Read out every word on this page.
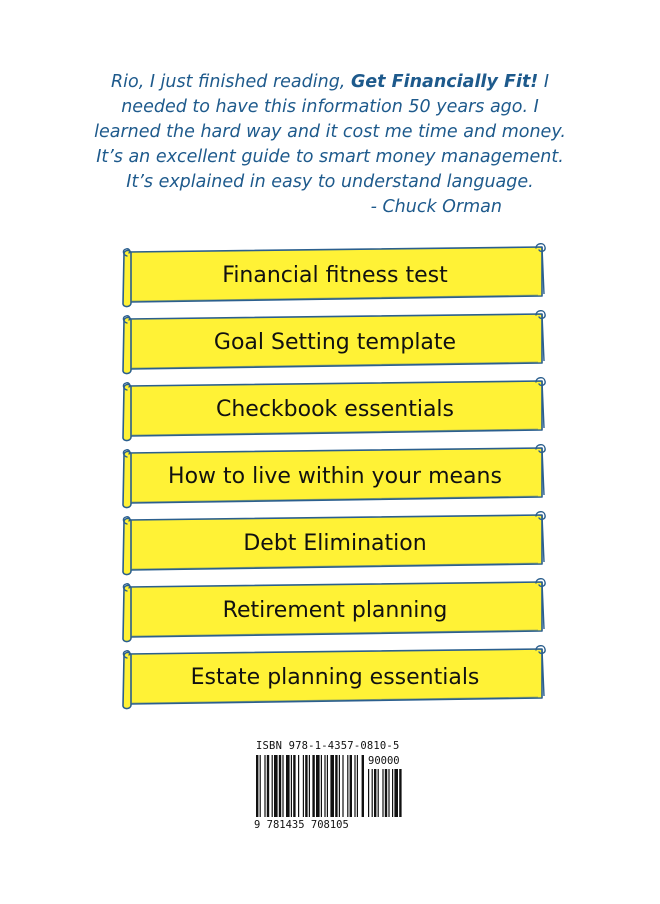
Rio, I just finished reading, Get Financially Fit! I
needed to have this information 50 years ago. I
learned the hard way and it cost me time and money.
It’s an excellent guide to smart money management.
It’s explained in easy to understand language.
- Chuck Orman
Financial fitness test
Goal Setting template
Checkbook essentials
How to live within your means
Debt Elimination
Retirement planning
Estate planning essentials
ISBN 978-1-4357-0810-5
90000
9 781435 708105
